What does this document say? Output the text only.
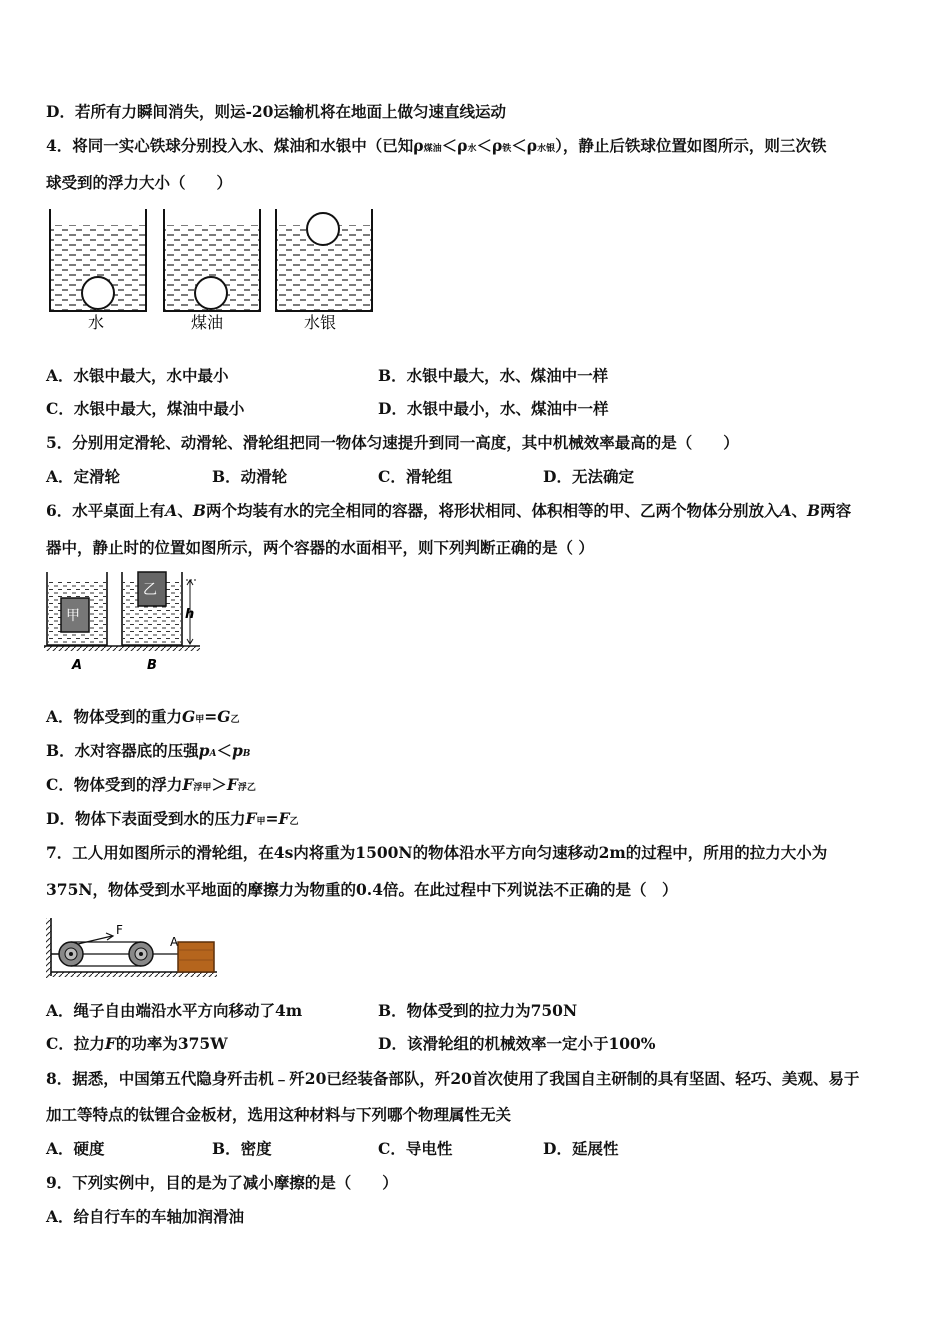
D．若所有力瞬间消失，则运-20运输机将在地面上做匀速直线运动
4．将同一实心铁球分别投入水、煤油和水银中（已知ρ煤油＜ρ水＜ρ铁＜ρ水银），静止后铁球位置如图所示，则三次铁
球受到的浮力大小（　　）
水	煤油	水银
A．水银中最大，水中最小	B．水银中最大，水、煤油中一样
C．水银中最大，煤油中最小	D．水银中最小，水、煤油中一样
5．分别用定滑轮、动滑轮、滑轮组把同一物体匀速提升到同一高度，其中机械效率最高的是（　　）
A．定滑轮	B．动滑轮	C．滑轮组	D．无法确定
6．水平桌面上有A、B两个均装有水的完全相同的容器，将形状相同、体积相等的甲、乙两个物体分别放入A、B两容
器中，静止时的位置如图所示，两个容器的水面相平，则下列判断正确的是（ ）
甲
乙
h
A	B
A．物体受到的重力G甲=G乙
B．水对容器底的压强pA＜pB
C．物体受到的浮力F浮甲＞F浮乙
D．物体下表面受到水的压力F甲=F乙
7．工人用如图所示的滑轮组，在4s内将重为1500N的物体沿水平方向匀速移动2m的过程中，所用的拉力大小为
375N，物体受到水平地面的摩擦力为物重的0.4倍。在此过程中下列说法不正确的是（　）
F
A
A．绳子自由端沿水平方向移动了4m	B．物体受到的拉力为750N
C．拉力F的功率为375W	D．该滑轮组的机械效率一定小于100%
8．据悉，中国第五代隐身歼击机﹣歼20已经装备部队，歼20首次使用了我国自主研制的具有坚固、轻巧、美观、易于
加工等特点的钛锂合金板材，选用这种材料与下列哪个物理属性无关
A．硬度	B．密度	C．导电性	D．延展性
9．下列实例中，目的是为了减小摩擦的是（　　）
A．给自行车的车轴加润滑油
